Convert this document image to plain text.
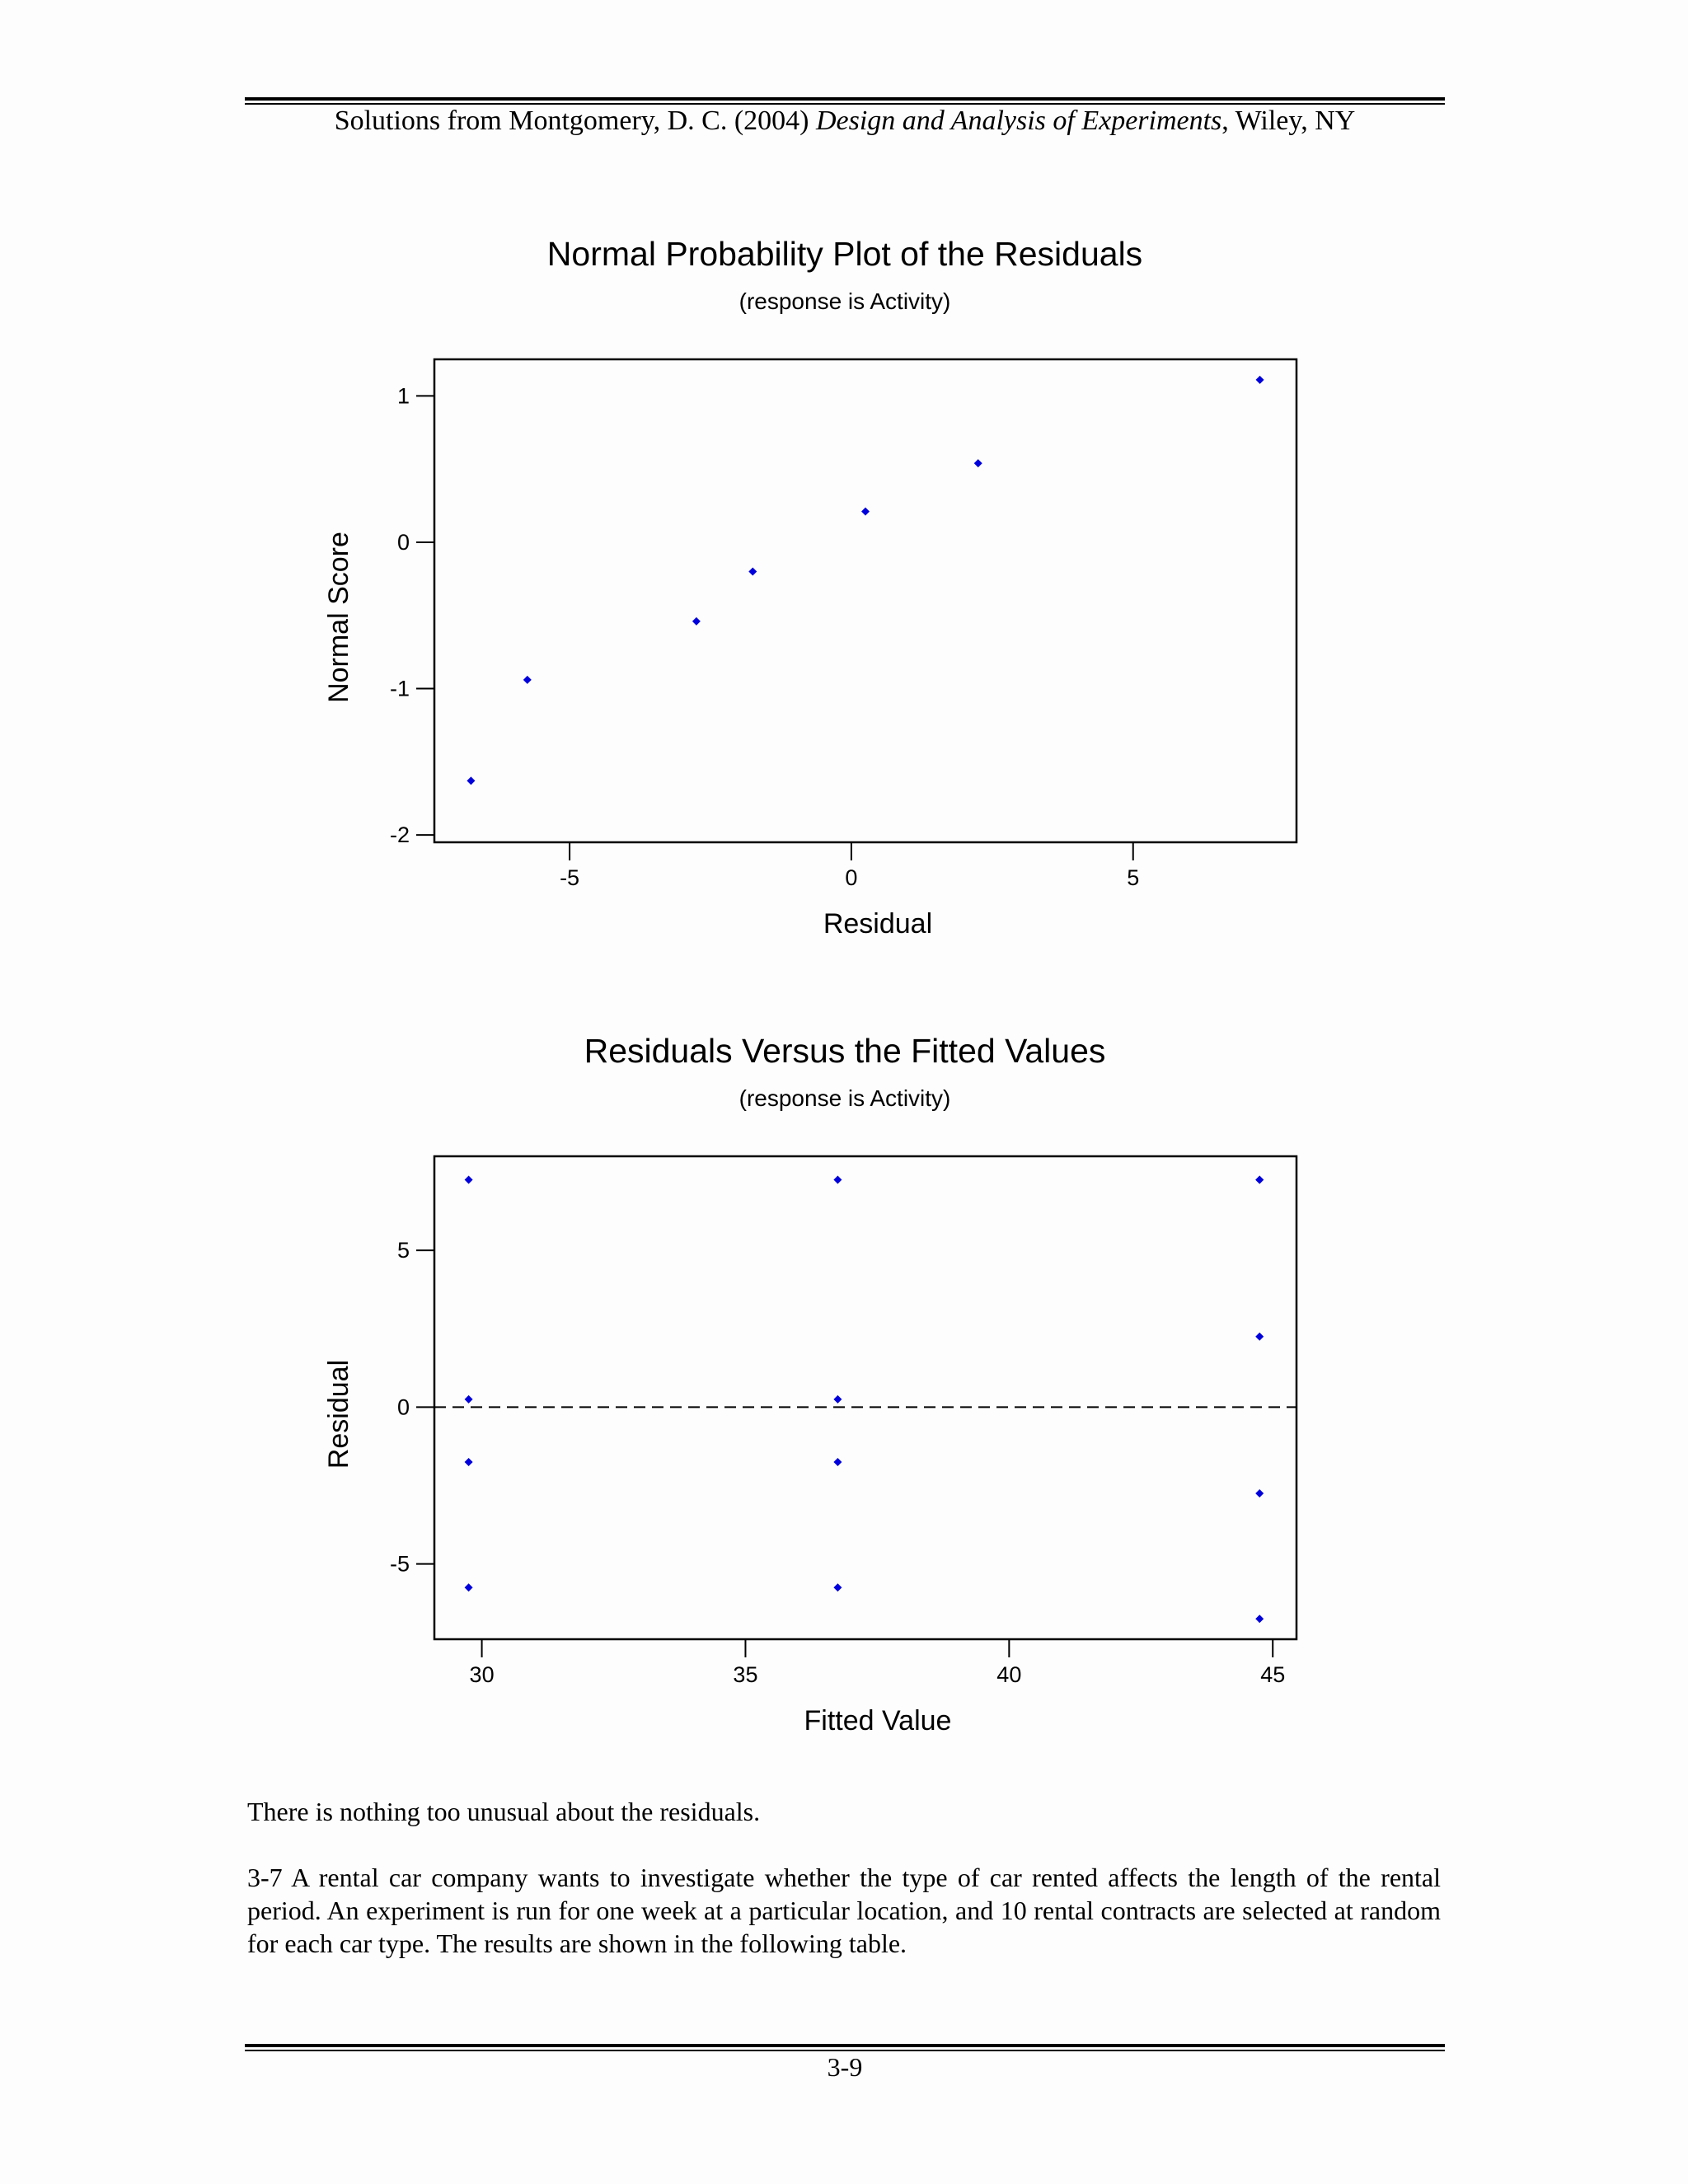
Solutions from Montgomery, D. C. (2004) Design and Analysis of Experiments, Wiley, NY
Normal Probability Plot of the Residuals
(response is Activity)
-5	0	5
1
0
-1
-2
Residual
Normal Score
Residuals Versus the Fitted Values
(response is Activity)
30	35	40	45
5
0
-5
Fitted Value
Residual
There is nothing too unusual about the residuals.
3-7 A rental car company wants to investigate whether the type of car rented affects the length of the rental period. An experiment is run for one week at a particular location, and 10 rental contracts are selected at random for each car type. The results are shown in the following table.
3-9
